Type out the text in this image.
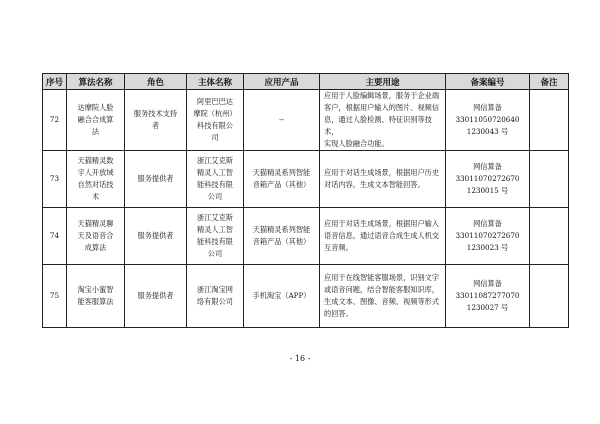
序号	算法名称	角色	主体名称	应用产品	主要用途	备案编号	备注
72	达摩院人脸
融合合成算
法	服务技术支持
者	阿里巴巴达
摩院（杭州）
科技有限公
司	--	应用于人脸编辑场景，服务于企业端
客户，根据用户输入的图片、视频信
息，通过人脸检测、特征识别等技术，
实现人脸融合功能。	网信算备
33011050720640
1230043 号	
73	天猫精灵数
字人开放域
自然对话技
术	服务提供者	浙江艾克斯
精灵人工智
能科技有限
公司	天猫精灵系列智能
音箱产品（其他）	应用于对话生成场景，根据用户历史
对话内容，生成文本智能回答。	网信算备
33011070272670
1230015 号	
74	天猫精灵聊
天及语音合
成算法	服务提供者	浙江艾克斯
精灵人工智
能科技有限
公司	天猫精灵系列智能
音箱产品（其他）	应用于对话生成场景，根据用户输入
语音信息，通过语音合成生成人机交
互音频。	网信算备
33011070272670
1230023 号	
75	淘宝小蜜智
能客服算法	服务提供者	浙江淘宝网
络有限公司	手机淘宝（APP）	应用于在线智能客服场景，识别文字
或语音问题，结合智能客服知识库，
生成文本、图像、音频、视频等形式
的回答。	网信算备
33011087277070
1230027 号	
- 16 -
